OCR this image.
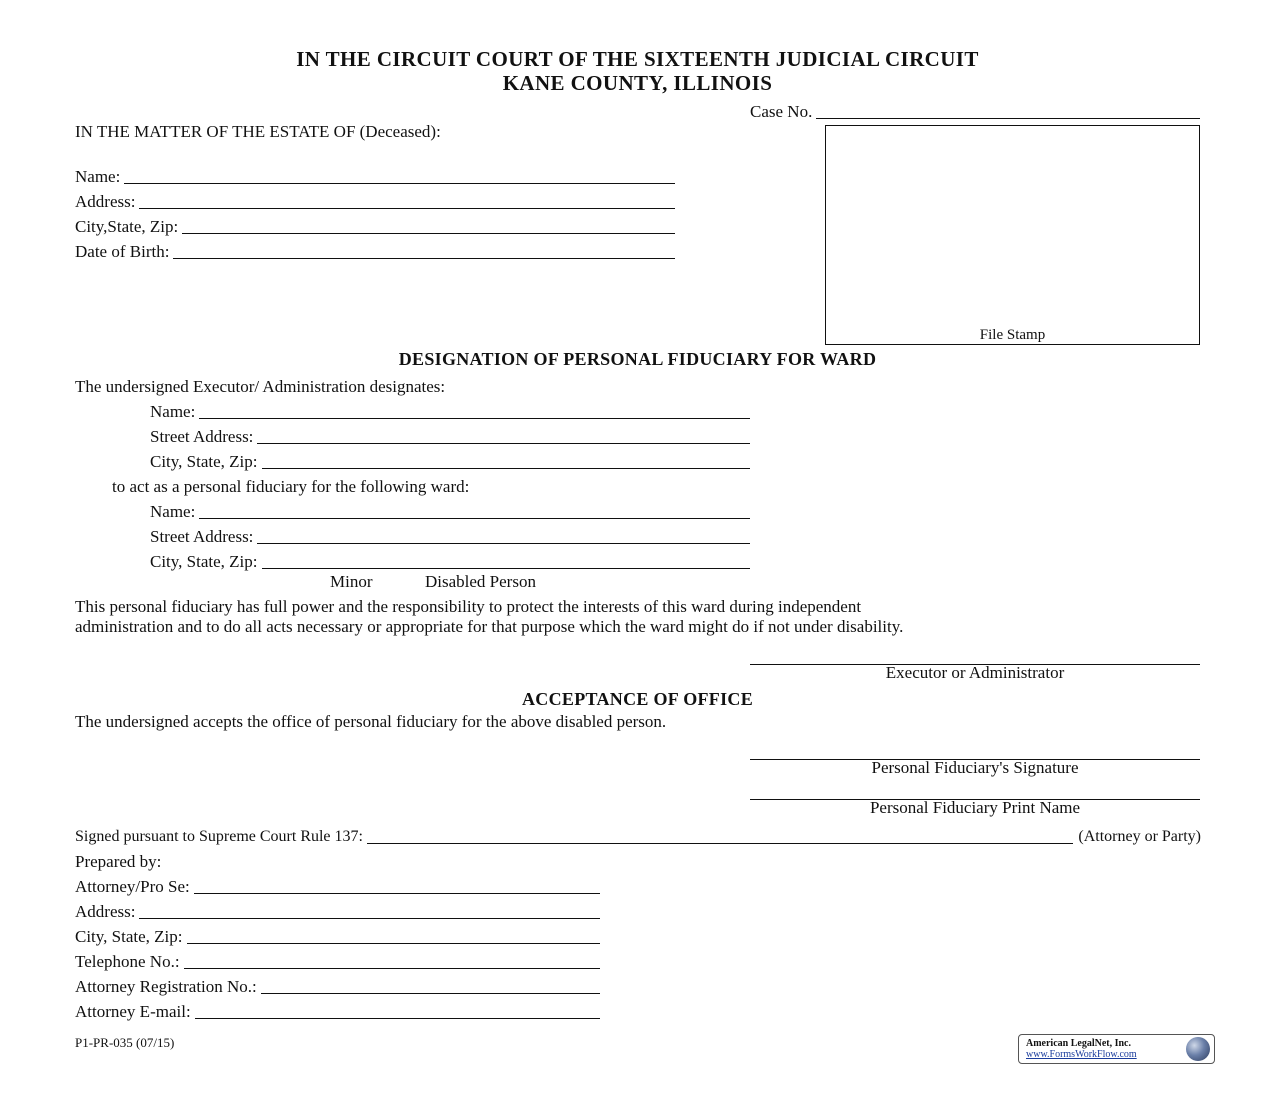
IN THE CIRCUIT COURT OF THE SIXTEENTH JUDICIAL CIRCUIT
KANE COUNTY, ILLINOIS
Case No.
IN THE MATTER OF THE ESTATE OF (Deceased):
Name:
Address:
City,State, Zip:
Date of Birth:
File Stamp
DESIGNATION OF PERSONAL FIDUCIARY FOR WARD
The undersigned Executor/ Administration designates:
Name:
Street Address:
City, State, Zip:
to act as a personal fiduciary for the following ward:
Name:
Street Address:
City, State, Zip:
Minor	Disabled Person
This personal fiduciary has full power and the responsibility to protect the interests of this ward during independent
administration and to do all acts necessary or appropriate for that purpose which the ward might do if not under disability.
Executor or Administrator
ACCEPTANCE OF OFFICE
The undersigned accepts the office of personal fiduciary for the above disabled person.
Personal Fiduciary's Signature
Personal Fiduciary Print Name
Signed pursuant to Supreme Court Rule 137:	(Attorney or Party)
Prepared by:
Attorney/Pro Se:
Address:
City, State, Zip:
Telephone No.:
Attorney Registration No.:
Attorney E-mail:
P1-PR-035 (07/15)	American LegalNet, Inc.
www.FormsWorkFlow.com
